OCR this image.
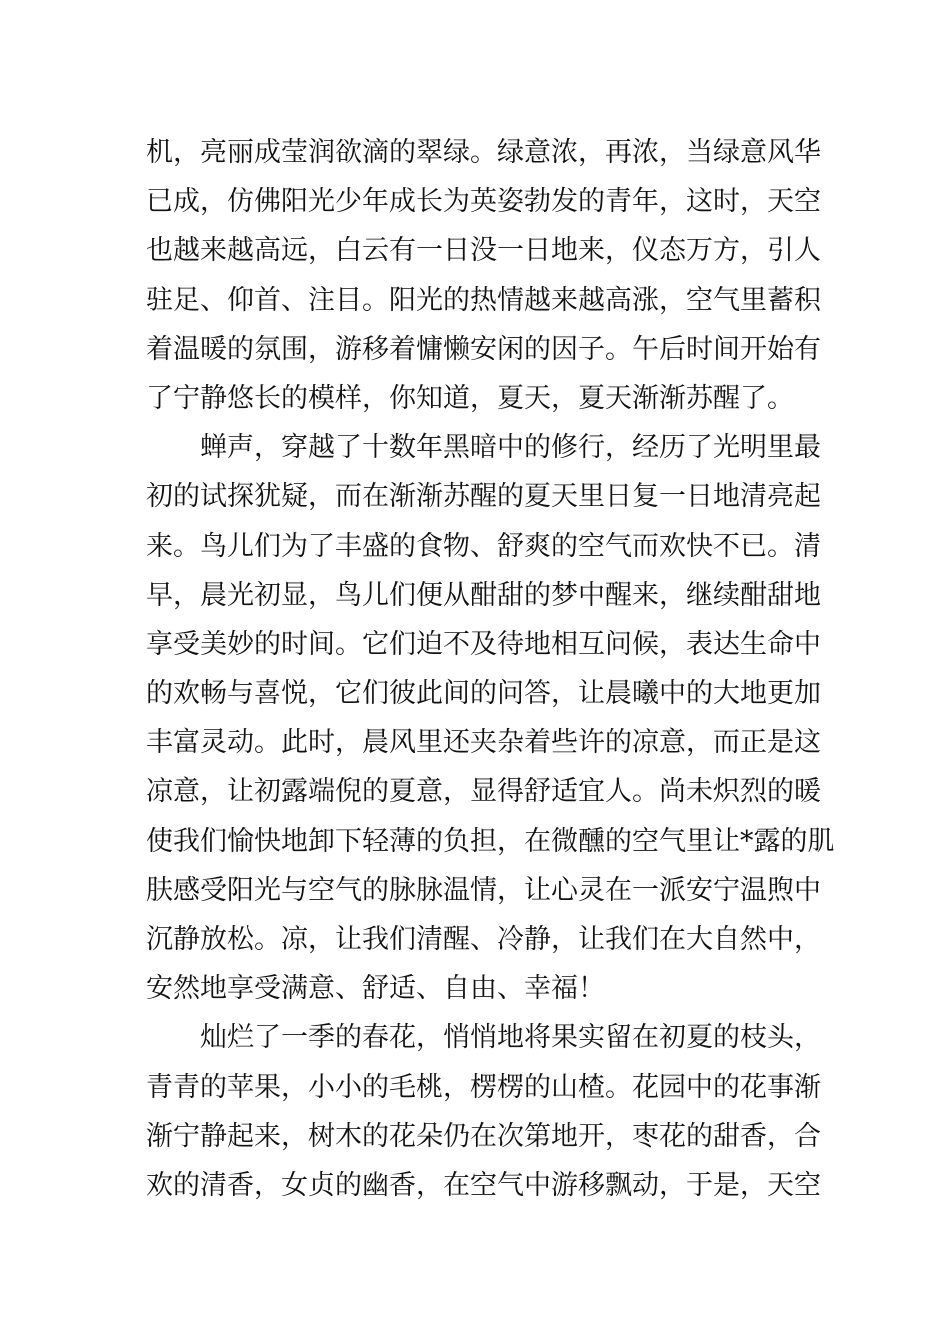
机，亮丽成莹润欲滴的翠绿。绿意浓，再浓，当绿意风华
已成，仿佛阳光少年成长为英姿勃发的青年，这时，天空
也越来越高远，白云有一日没一日地来，仪态万方，引人
驻足、仰首、注目。阳光的热情越来越高涨，空气里蓄积
着温暖的氛围，游移着慵懒安闲的因子。午后时间开始有
了宁静悠长的模样，你知道，夏天，夏天渐渐苏醒了。
蝉声，穿越了十数年黑暗中的修行，经历了光明里最
初的试探犹疑，而在渐渐苏醒的夏天里日复一日地清亮起
来。鸟儿们为了丰盛的食物、舒爽的空气而欢快不已。清
早，晨光初显，鸟儿们便从酣甜的梦中醒来，继续酣甜地
享受美妙的时间。它们迫不及待地相互问候，表达生命中
的欢畅与喜悦，它们彼此间的问答，让晨曦中的大地更加
丰富灵动。此时，晨风里还夹杂着些许的凉意，而正是这
凉意，让初露端倪的夏意，显得舒适宜人。尚未炽烈的暖
使我们愉快地卸下轻薄的负担，在微醺的空气里让*露的肌
肤感受阳光与空气的脉脉温情，让心灵在一派安宁温煦中
沉静放松。凉，让我们清醒、冷静，让我们在大自然中，
安然地享受满意、舒适、自由、幸福！
灿烂了一季的春花，悄悄地将果实留在初夏的枝头，
青青的苹果，小小的毛桃，楞楞的山楂。花园中的花事渐
渐宁静起来，树木的花朵仍在次第地开，枣花的甜香，合
欢的清香，女贞的幽香，在空气中游移飘动，于是，天空
